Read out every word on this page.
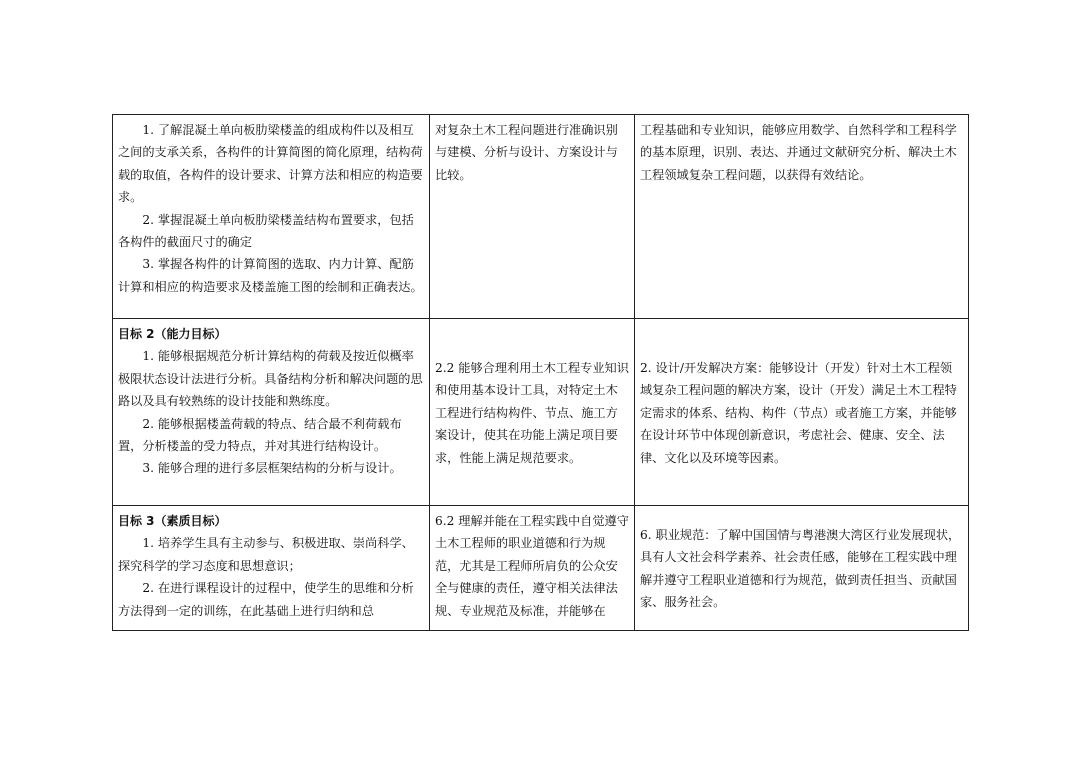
1. 了解混凝土单向板肋梁楼盖的组成构件以及相互之间的支承关系，各构件的计算简图的简化原理，结构荷载的取值，各构件的设计要求、计算方法和相应的构造要求。

2. 掌握混凝土单向板肋梁楼盖结构布置要求，包括各构件的截面尺寸的确定

3. 掌握各构件的计算简图的选取、内力计算、配筋计算和相应的构造要求及楼盖施工图的绘制和正确表达。	对复杂土木工程问题进行准确识别与建模、分析与设计、方案设计与比较。	工程基础和专业知识，能够应用数学、自然科学和工程科学的基本原理，识别、表达、并通过文献研究分析、解决土木工程领域复杂工程问题，以获得有效结论。

目标 2（能力目标）

1. 能够根据规范分析计算结构的荷载及按近似概率极限状态设计法进行分析。具备结构分析和解决问题的思路以及具有较熟练的设计技能和熟练度。

2. 能够根据楼盖荷载的特点、结合最不利荷载布置，分析楼盖的受力特点，并对其进行结构设计。

3. 能够合理的进行多层框架结构的分析与设计。	2.2 能够合理利用土木工程专业知识和使用基本设计工具，对特定土木工程进行结构构件、节点、施工方案设计，使其在功能上满足项目要求，性能上满足规范要求。	2. 设计/开发解决方案：能够设计（开发）针对土木工程领域复杂工程问题的解决方案，设计（开发）满足土木工程特定需求的体系、结构、构件（节点）或者施工方案，并能够在设计环节中体现创新意识，考虑社会、健康、安全、法律、文化以及环境等因素。

目标 3（素质目标）

1. 培养学生具有主动参与、积极进取、崇尚科学、探究科学的学习态度和思想意识；

2. 在进行课程设计的过程中，使学生的思维和分析方法得到一定的训练，在此基础上进行归纳和总	6.2 理解并能在工程实践中自觉遵守土木工程师的职业道德和行为规范，尤其是工程师所肩负的公众安全与健康的责任，遵守相关法律法规、专业规范及标准，并能够在	6. 职业规范：了解中国国情与粤港澳大湾区行业发展现状，具有人文社会科学素养、社会责任感，能够在工程实践中理解并遵守工程职业道德和行为规范，做到责任担当、贡献国家、服务社会。
